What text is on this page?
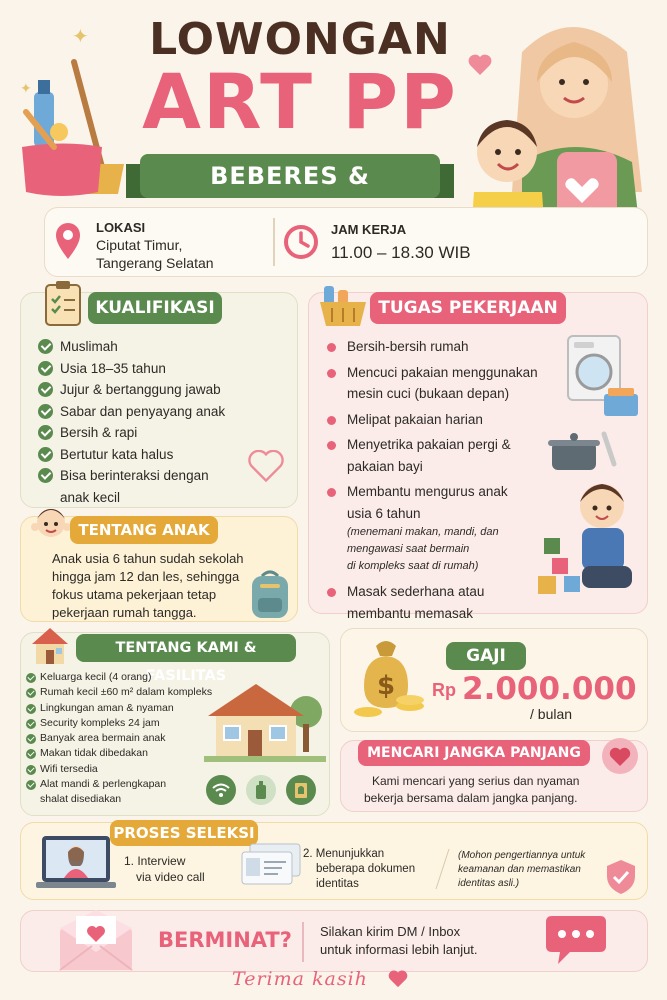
✦
✦
LOWONGAN
ART PP
BEBERES &
LOKASI
Ciputat Timur,
Tangerang Selatan
JAM KERJA
11.00 – 18.30 WIB
KUALIFIKASI
Muslimah
Usia 18–35 tahun
Jujur & bertanggung jawab
Sabar dan penyayang anak
Bersih & rapi
Bertutur kata halus
Bisa berinteraksi dengan
anak kecil
TUGAS PEKERJAAN
Bersih-bersih rumah
Mencuci pakaian menggunakan
mesin cuci (bukaan depan)
Melipat pakaian harian
Menyetrika pakaian pergi &
pakaian bayi
Membantu mengurus anak
usia 6 tahun
(menemani makan, mandi, dan
mengawasi saat bermain
di kompleks saat di rumah)
Masak sederhana atau
membantu memasak
TENTANG ANAK
Anak usia 6 tahun sudah sekolah
hingga jam 12 dan les, sehingga
fokus utama pekerjaan tetap
pekerjaan rumah tangga.
TENTANG KAMI & FASILITAS
Keluarga kecil (4 orang)
Rumah kecil ±60 m² dalam kompleks
Lingkungan aman & nyaman
Security kompleks 24 jam
Banyak area bermain anak
Makan tidak dibedakan
Wifi tersedia
Alat mandi & perlengkapan
shalat disediakan
$
GAJI
Rp 2.000.000
/ bulan
MENCARI JANGKA PANJANG
Kami mencari yang serius dan nyaman
bekerja bersama dalam jangka panjang.
PROSES SELEKSI
1. Interview
via video call
2. Menunjukkan
beberapa dokumen
identitas
(Mohon pengertiannya untuk
keamanan dan memastikan
identitas asli.)
BERMINAT? Silakan kirim DM / Inbox
untuk informasi lebih lanjut.
Terima kasih
